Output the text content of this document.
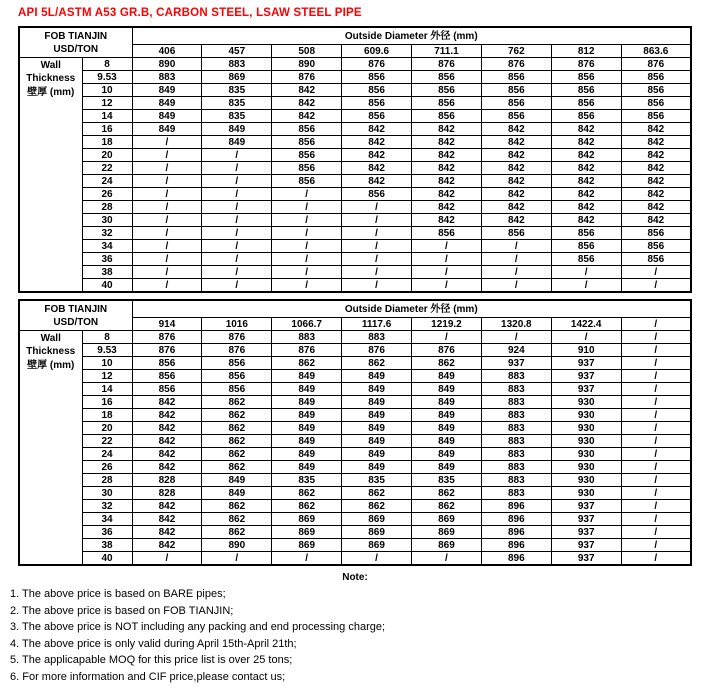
API 5L/ASTM A53 GR.B, CARBON STEEL, LSAW STEEL PIPE
FOB TIANJIN
USD/TON		Outside Diameter 外径 (mm)							
		406	457	508	609.6	711.1	762	812	863.6

Wall
Thickness
壁厚 (mm)	8	890	883	890	876	876	876	876	876
	9.53	883	869	876	856	856	856	856	856
	10	849	835	842	856	856	856	856	856
	12	849	835	842	856	856	856	856	856
	14	849	835	842	856	856	856	856	856
	16	849	849	856	842	842	842	842	842
	18	/	849	856	842	842	842	842	842
	20	/	/	856	842	842	842	842	842
	22	/	/	856	842	842	842	842	842
	24	/	/	856	842	842	842	842	842
	26	/	/	/	856	842	842	842	842
	28	/	/	/	/	842	842	842	842
	30	/	/	/	/	842	842	842	842
	32	/	/	/	/	856	856	856	856
	34	/	/	/	/	/	/	856	856
	36	/	/	/	/	/	/	856	856
	38	/	/	/	/	/	/	/	/
	40	/	/	/	/	/	/	/	/
FOB TIANJIN
USD/TON		Outside Diameter 外径 (mm)							
		914	1016	1066.7	1117.6	1219.2	1320.8	1422.4	/

Wall
Thickness
壁厚 (mm)	8	876	876	883	883	/	/	/	/
	9.53	876	876	876	876	876	924	910	/
	10	856	856	862	862	862	937	937	/
	12	856	856	849	849	849	883	937	/
	14	856	856	849	849	849	883	937	/
	16	842	862	849	849	849	883	930	/
	18	842	862	849	849	849	883	930	/
	20	842	862	849	849	849	883	930	/
	22	842	862	849	849	849	883	930	/
	24	842	862	849	849	849	883	930	/
	26	842	862	849	849	849	883	930	/
	28	828	849	835	835	835	883	930	/
	30	828	849	862	862	862	883	930	/
	32	842	862	862	862	862	896	937	/
	34	842	862	869	869	869	896	937	/
	36	842	862	869	869	869	896	937	/
	38	842	890	869	869	869	896	937	/
	40	/	/	/	/	/	896	937	/
Note:
1. The above price is based on BARE pipes;
2. The above price is based on FOB TIANJIN;
3. The above price is NOT including any packing and end processing charge;
4. The above price is only valid during April 15th-April 21th;
5. The applicapable MOQ for this price list is over 25 tons;
6. For more information and CIF price,please contact us;
